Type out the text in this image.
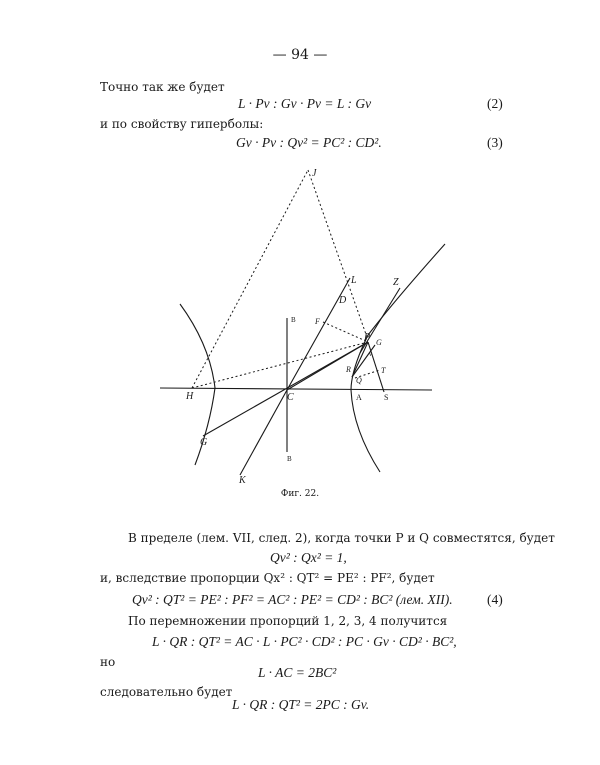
— 94 —
Точно так же будет
L · Pv : Gv · Pv = L : Gv	(2)
и по свойству гиперболы:
Gv · Pv : Qv² = PC² : CD².	(3)
J
L	Z
D
F
P G
v
R	T
Q
B
B
H	C	A	S
G
K
Фиг. 22.
В пределе (лем. VII, след. 2), когда точки P и Q совместятся, будет
Qv² : Qx² = 1,
и, вследствие пропорции Qx² : QT² = PE² : PF², будет
Qv² : QT² = PE² : PF² = AC² : PE² = CD² : BC² (лем. XII).	(4)
По перемножении пропорций 1, 2, 3, 4 получится
L · QR : QT² = AC · L · PC² · CD² : PC · Gv · CD² · BC²,
но
L · AC = 2BC²
следовательно будет
L · QR : QT² = 2PC : Gv.
